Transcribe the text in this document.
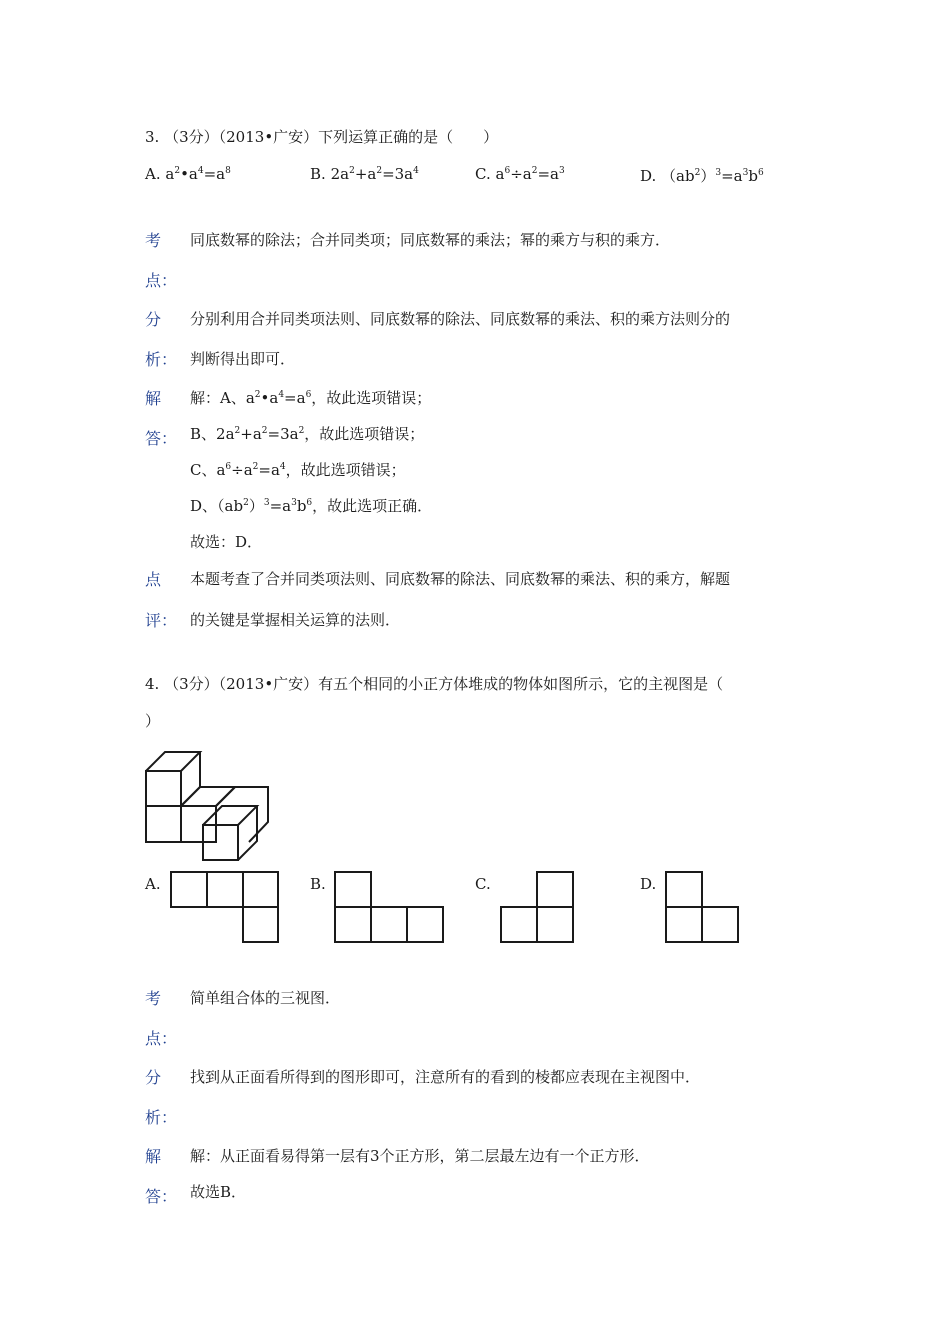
3. （3分）（2013•广安）下列运算正确的是（　　）
A. $a^2•a^4=a^8$	B. $2a^2+a^2=3a^4$	C. $a^6\div a^2=a^3$	D. $(ab^2)^3=a^3b^6$
考
点：
同底数幂的除法；合并同类项；同底数幂的乘法；幂的乘方与积的乘方．
分
析：
分别利用合并同类项法则、同底数幂的除法、同底数幂的乘法、积的乘方法则分的
判断得出即可．
解
答：
解：A、$a^2•a^4=a^6$，故此选项错误；
B、$2a^2+a^2=3a^2$，故此选项错误；
C、$a^6\div a^2=a^4$，故此选项错误；
D、$(ab^2)^3=a^3b^6$，故此选项正确．
故选：D．
点
评：
本题考查了合并同类项法则、同底数幂的除法、同底数幂的乘法、积的乘方，解题
的关键是掌握相关运算的法则．
4. （3分）（2013•广安）有五个相同的小正方体堆成的物体如图所示，它的主视图是（
）
A.	B.	C.	D.
考
点：
简单组合体的三视图．
分
析：
找到从正面看所得到的图形即可，注意所有的看到的棱都应表现在主视图中．
解
答：
解：从正面看易得第一层有3个正方形，第二层最左边有一个正方形．
故选B．
